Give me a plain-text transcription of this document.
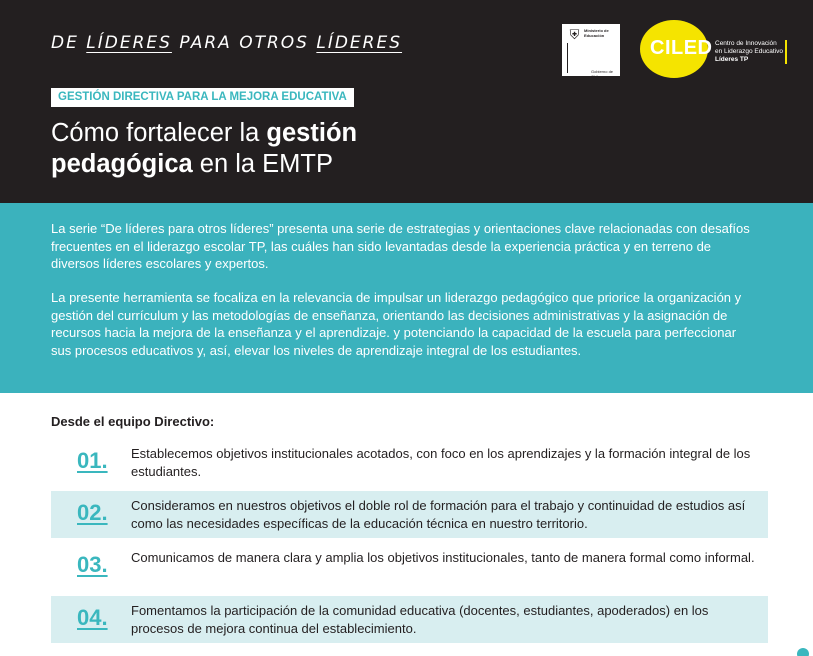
DE LÍDERES PARA OTROS LÍDERES	⛨	Ministerio de
Educación
Gobierno de Chile
CILED Centro de Innovación
en Liderazgo Educativo
Líderes TP
GESTIÓN DIRECTIVA PARA LA MEJORA EDUCATIVA
Cómo fortalecer la gestión
pedagógica en la EMTP

La serie “De líderes para otros líderes” presenta una serie de estrategias y orientaciones clave relacionadas con desafíos frecuentes en el liderazgo escolar TP, las cuáles han sido levantadas desde la experiencia práctica y en terreno de diversos líderes escolares y expertos.

La presente herramienta se focaliza en la relevancia de impulsar un liderazgo pedagógico que priorice la organización y gestión del currículum y las metodologías de enseñanza, orientando las decisiones administrativas y la asignación de recursos hacia la mejora de la enseñanza y el aprendizaje. y potenciando la capacidad de la escuela para perfeccionar sus procesos educativos y, así, elevar los niveles de aprendizaje integral de los estudiantes.

Desde el equipo Directivo:
01. Establecemos objetivos institucionales acotados, con foco en los aprendizajes y la formación integral de los estudiantes.
02. Consideramos en nuestros objetivos el doble rol de formación para el trabajo y continuidad de estudios así como las necesidades específicas de la educación técnica en nuestro territorio.
03. Comunicamos de manera clara y amplia los objetivos institucionales, tanto de manera formal como informal.
04. Fomentamos la participación de la comunidad educativa (docentes, estudiantes, apoderados) en los procesos de mejora continua del establecimiento.
